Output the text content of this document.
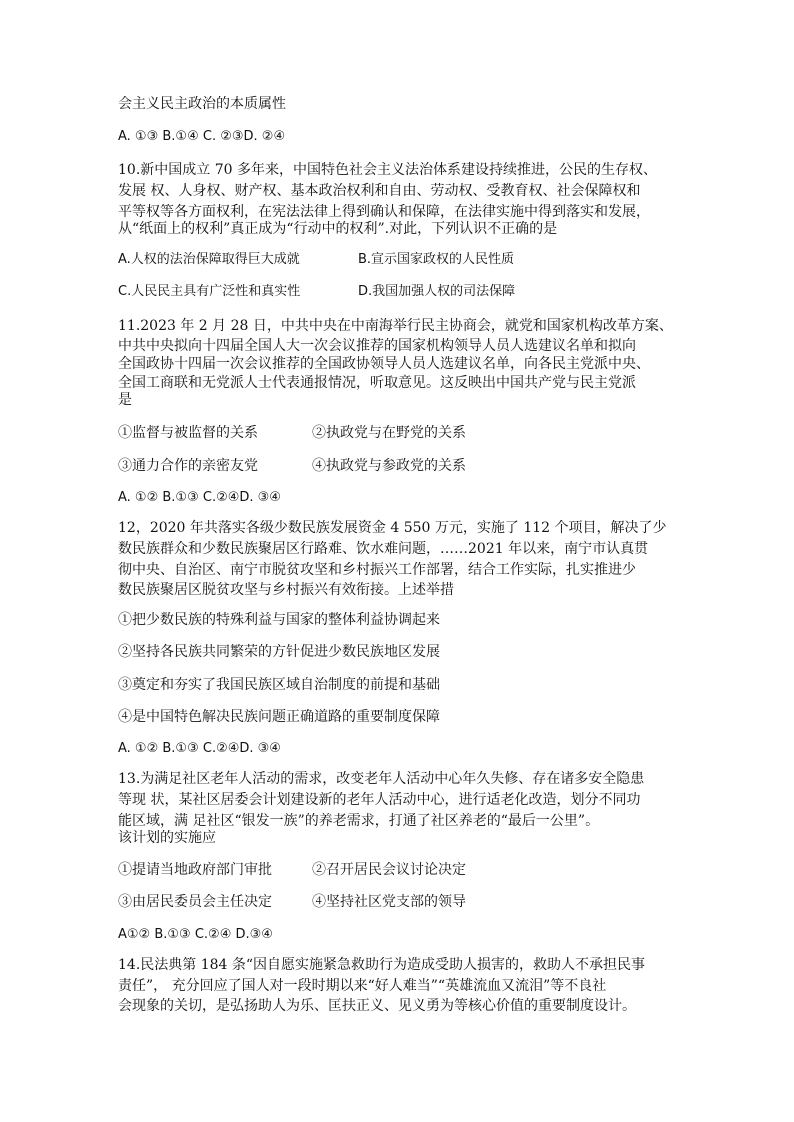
会主义民主政治的本质属性
A. ①③ B.①④ C. ②③D. ②④
10.新中国成立 70 多年来，中国特色社会主义法治体系建设持续推进，公民的生存权、
发展 权、人身权、财产权、基本政治权利和自由、劳动权、受教育权、社会保障权和
平等权等各方面权利，在宪法法律上得到确认和保障，在法律实施中得到落实和发展，
从“纸面上的权利”真正成为“行动中的权利”.对此，下列认识不正确的是
A.人权的法治保障取得巨大成就	B.宣示国家政权的人民性质
C.人民民主具有广泛性和真实性	D.我国加强人权的司法保障
11.2023 年 2 月 28 日，中共中央在中南海举行民主协商会，就党和国家机构改革方案、
中共中央拟向十四届全国人大一次会议推荐的国家机构领导人员人选建议名单和拟向
全国政协十四届一次会议推荐的全国政协领导人员人选建议名单，向各民主党派中央、
全国工商联和无党派人士代表通报情况，听取意见。这反映出中国共产党与民主党派
是
①监督与被监督的关系	②执政党与在野党的关系
③通力合作的亲密友党	④执政党与参政党的关系
A. ①② B.①③ C.②④D. ③④
12，2020 年共落实各级少数民族发展资金 4 550 万元，实施了 112 个项目，解决了少
数民族群众和少数民族聚居区行路难、饮水难问题，……2021 年以来，南宁市认真贯
彻中央、自治区、南宁市脱贫攻坚和乡村振兴工作部署，结合工作实际，扎实推进少
数民族聚居区脱贫攻坚与乡村振兴有效衔接。上述举措
①把少数民族的特殊利益与国家的整体利益协调起来
②坚持各民族共同繁荣的方针促进少数民族地区发展
③奠定和夯实了我国民族区域自治制度的前提和基础
④是中国特色解决民族问题正确道路的重要制度保障
A. ①② B.①③ C.②④D. ③④
13.为满足社区老年人活动的需求，改变老年人活动中心年久失修、存在诸多安全隐患
等现 状，某社区居委会计划建设新的老年人活动中心，进行适老化改造，划分不同功
能区域，满 足社区“银发一族”的养老需求，打通了社区养老的“最后一公里”。
该计划的实施应
①提请当地政府部门审批	②召开居民会议讨论决定
③由居民委员会主任决定	④坚持社区党支部的领导
A①② B.①③ C.②④ D.③④
14.民法典第 184 条“因自愿实施紧急救助行为造成受助人损害的，救助人不承担民事
责任”， 充分回应了国人对一段时期以来“好人难当”“英雄流血又流泪”等不良社
会现象的关切，是弘扬助人为乐、匡扶正义、见义勇为等核心价值的重要制度设计。
